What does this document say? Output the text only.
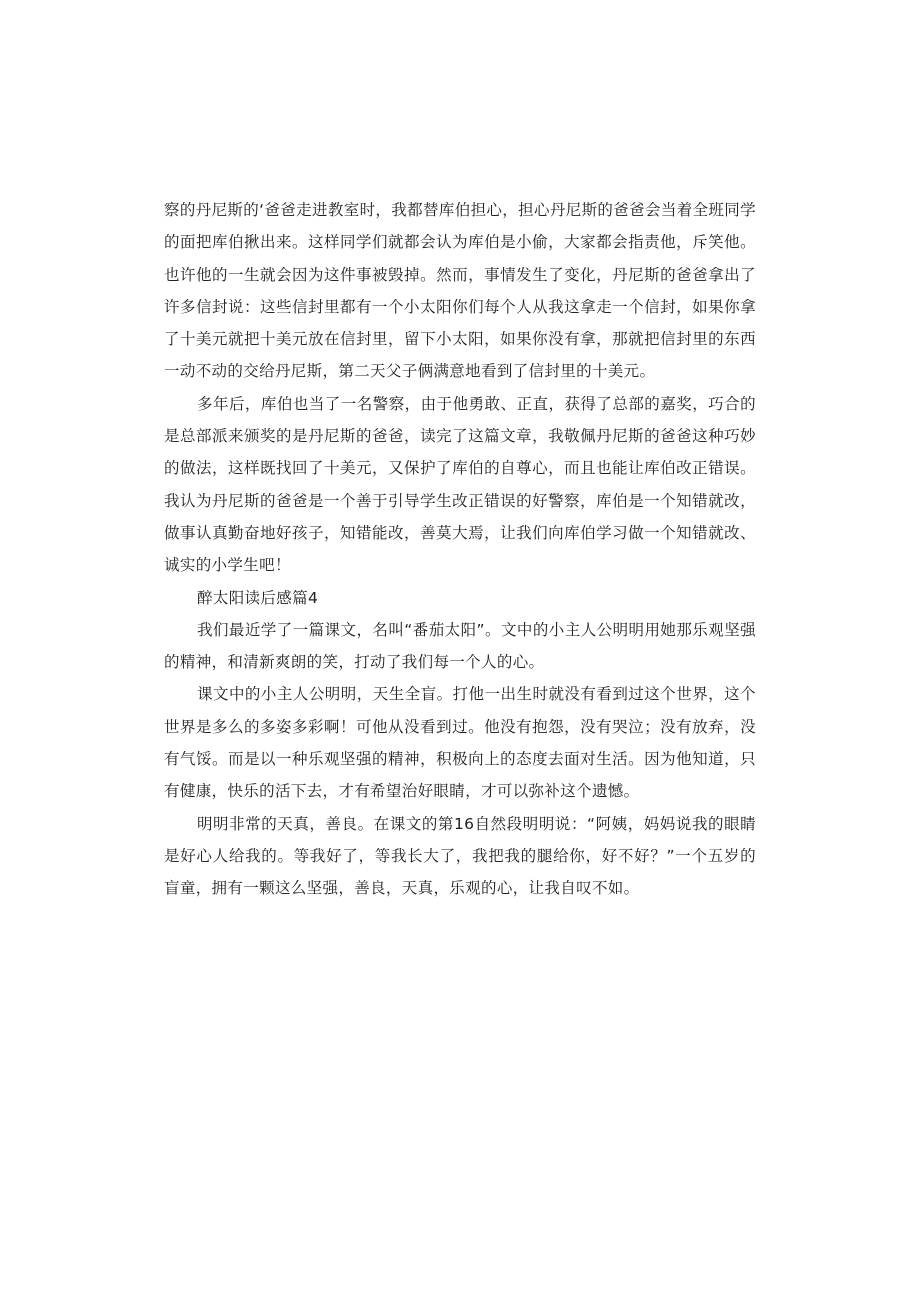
察的丹尼斯的‘爸爸走进教室时，我都替库伯担心，担心丹尼斯的爸爸会当着全班同学的面把库伯揪出来。这样同学们就都会认为库伯是小偷，大家都会指责他，斥笑他。也许他的一生就会因为这件事被毁掉。然而，事情发生了变化，丹尼斯的爸爸拿出了许多信封说：这些信封里都有一个小太阳你们每个人从我这拿走一个信封，如果你拿了十美元就把十美元放在信封里，留下小太阳，如果你没有拿，那就把信封里的东西一动不动的交给丹尼斯，第二天父子俩满意地看到了信封里的十美元。

多年后，库伯也当了一名警察，由于他勇敢、正直，获得了总部的嘉奖，巧合的是总部派来颁奖的是丹尼斯的爸爸，读完了这篇文章，我敬佩丹尼斯的爸爸这种巧妙的做法，这样既找回了十美元，又保护了库伯的自尊心，而且也能让库伯改正错误。我认为丹尼斯的爸爸是一个善于引导学生改正错误的好警察，库伯是一个知错就改，做事认真勤奋地好孩子，知错能改，善莫大焉，让我们向库伯学习做一个知错就改、诚实的小学生吧！

醉太阳读后感篇4

我们最近学了一篇课文，名叫“番茄太阳”。文中的小主人公明明用她那乐观坚强的精神，和清新爽朗的笑，打动了我们每一个人的心。

课文中的小主人公明明，天生全盲。打他一出生时就没有看到过这个世界，这个世界是多么的多姿多彩啊！可他从没看到过。他没有抱怨，没有哭泣；没有放弃，没有气馁。而是以一种乐观坚强的精神，积极向上的态度去面对生活。因为他知道，只有健康，快乐的活下去，才有希望治好眼睛，才可以弥补这个遗憾。

明明非常的天真，善良。在课文的第16自然段明明说：“阿姨，妈妈说我的眼睛是好心人给我的。等我好了，等我长大了，我把我的腿给你，好不好？”一个五岁的盲童，拥有一颗这么坚强，善良，天真，乐观的心，让我自叹不如。
